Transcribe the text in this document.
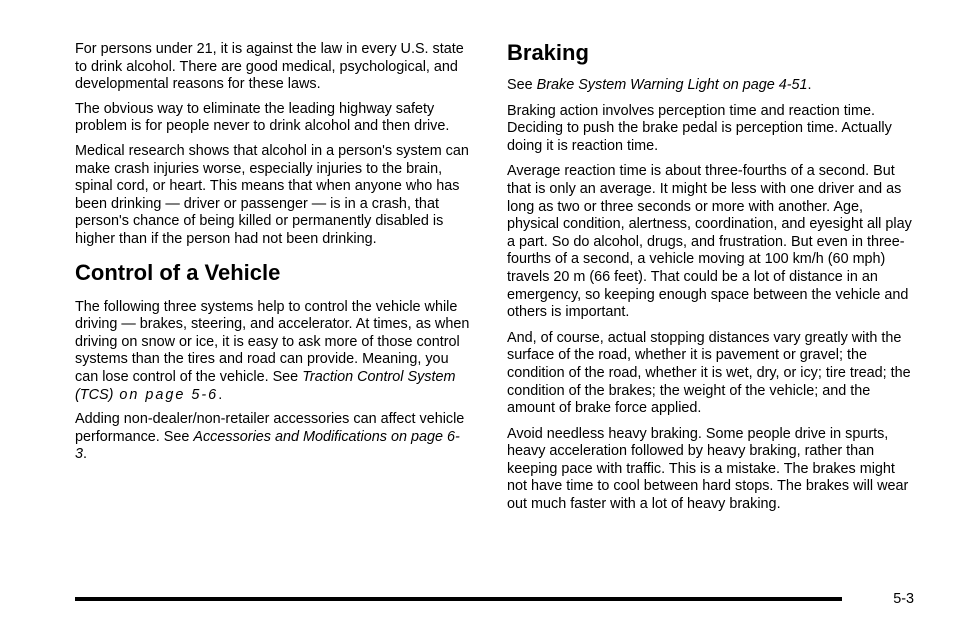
For persons under 21, it is against the law in every U.S. state to drink alcohol. There are good medical, psychological, and developmental reasons for these laws.

The obvious way to eliminate the leading highway safety problem is for people never to drink alcohol and then drive.

Medical research shows that alcohol in a person's system can make crash injuries worse, especially injuries to the brain, spinal cord, or heart. This means that when anyone who has been drinking — driver or passenger — is in a crash, that person's chance of being killed or permanently disabled is higher than if the person had not been drinking.

Control of a Vehicle

The following three systems help to control the vehicle while driving — brakes, steering, and accelerator. At times, as when driving on snow or ice, it is easy to ask more of those control systems than the tires and road can provide. Meaning, you can lose control of the vehicle. See Traction Control System (TCS) on page 5-6.

Adding non-dealer/non-retailer accessories can affect vehicle performance. See Accessories and Modifications on page 6-3.

Braking

See Brake System Warning Light on page 4-51.

Braking action involves perception time and reaction time. Deciding to push the brake pedal is perception time. Actually doing it is reaction time.

Average reaction time is about three-fourths of a second. But that is only an average. It might be less with one driver and as long as two or three seconds or more with another. Age, physical condition, alertness, coordination, and eyesight all play a part. So do alcohol, drugs, and frustration. But even in three-fourths of a second, a vehicle moving at 100 km/h (60 mph) travels 20 m (66 feet). That could be a lot of distance in an emergency, so keeping enough space between the vehicle and others is important.

And, of course, actual stopping distances vary greatly with the surface of the road, whether it is pavement or gravel; the condition of the road, whether it is wet, dry, or icy; tire tread; the condition of the brakes; the weight of the vehicle; and the amount of brake force applied.

Avoid needless heavy braking. Some people drive in spurts, heavy acceleration followed by heavy braking, rather than keeping pace with traffic. This is a mistake. The brakes might not have time to cool between hard stops. The brakes will wear out much faster with a lot of heavy braking.

5-3
